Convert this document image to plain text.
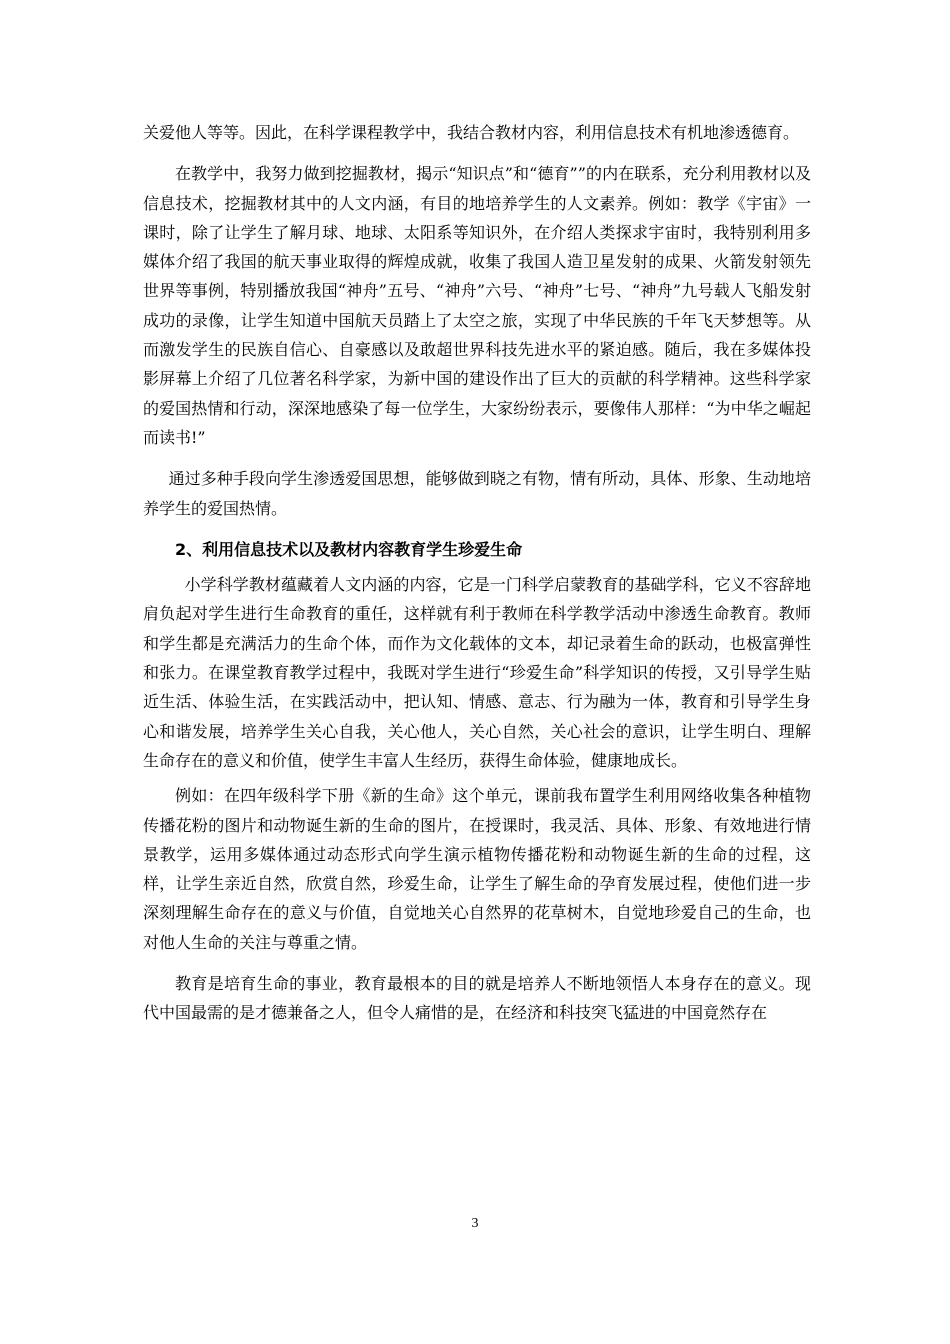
关爱他人等等。因此，在科学课程教学中，我结合教材内容，利用信息技术有机地渗透德育。

在教学中，我努力做到挖掘教材，揭示“知识点”和“德育””的内在联系，充分利用教材以及信息技术，挖掘教材其中的人文内涵，有目的地培养学生的人文素养。例如：教学《宇宙》一课时，除了让学生了解月球、地球、太阳系等知识外，在介绍人类探求宇宙时，我特别利用多媒体介绍了我国的航天事业取得的辉煌成就，收集了我国人造卫星发射的成果、火箭发射领先世界等事例，特别播放我国“神舟”五号、“神舟”六号、“神舟”七号、“神舟”九号载人飞船发射成功的录像，让学生知道中国航天员踏上了太空之旅，实现了中华民族的千年飞天梦想等。从而激发学生的民族自信心、自豪感以及敢超世界科技先进水平的紧迫感。随后，我在多媒体投影屏幕上介绍了几位著名科学家，为新中国的建设作出了巨大的贡献的科学精神。这些科学家的爱国热情和行动，深深地感染了每一位学生，大家纷纷表示，要像伟人那样：“为中华之崛起而读书!”

通过多种手段向学生渗透爱国思想，能够做到晓之有物，情有所动，具体、形象、生动地培养学生的爱国热情。

2、利用信息技术以及教材内容教育学生珍爱生命

小学科学教材蕴藏着人文内涵的内容，它是一门科学启蒙教育的基础学科，它义不容辞地肩负起对学生进行生命教育的重任，这样就有利于教师在科学教学活动中渗透生命教育。教师和学生都是充满活力的生命个体，而作为文化载体的文本，却记录着生命的跃动，也极富弹性和张力。在课堂教育教学过程中，我既对学生进行“珍爱生命”科学知识的传授，又引导学生贴近生活、体验生活，在实践活动中，把认知、情感、意志、行为融为一体，教育和引导学生身心和谐发展，培养学生关心自我，关心他人，关心自然，关心社会的意识，让学生明白、理解生命存在的意义和价值，使学生丰富人生经历，获得生命体验，健康地成长。

例如：在四年级科学下册《新的生命》这个单元，课前我布置学生利用网络收集各种植物传播花粉的图片和动物诞生新的生命的图片，在授课时，我灵活、具体、形象、有效地进行情景教学，运用多媒体通过动态形式向学生演示植物传播花粉和动物诞生新的生命的过程，这样，让学生亲近自然，欣赏自然，珍爱生命，让学生了解生命的孕育发展过程，使他们进一步深刻理解生命存在的意义与价值，自觉地关心自然界的花草树木，自觉地珍爱自己的生命，也对他人生命的关注与尊重之情。

教育是培育生命的事业，教育最根本的目的就是培养人不断地领悟人本身存在的意义。现代中国最需的是才德兼备之人，但令人痛惜的是，在经济和科技突飞猛进的中国竟然存在

3
